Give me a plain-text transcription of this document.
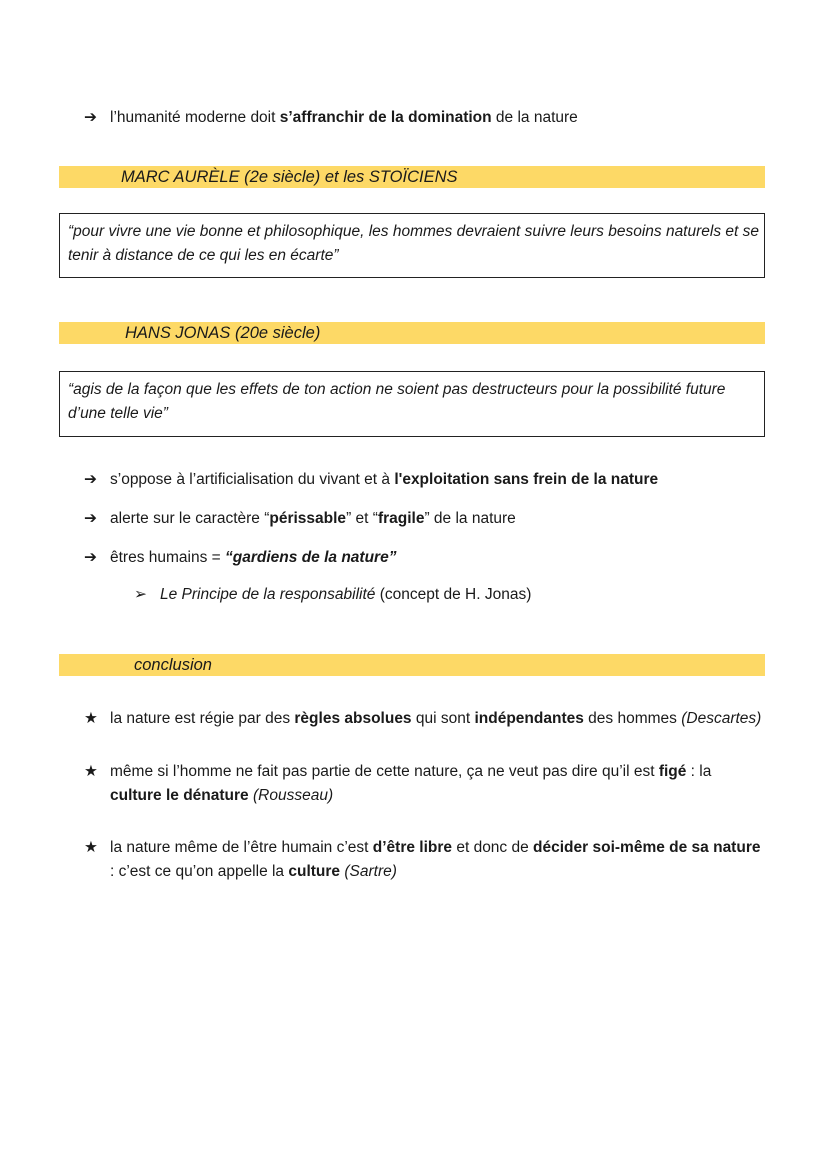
➔ l’humanité moderne doit s’affranchir de la domination de la nature
MARC AURÈLE (2e siècle) et les STOÏCIENS
“pour vivre une vie bonne et philosophique, les hommes devraient suivre leurs besoins naturels et se
tenir à distance de ce qui les en écarte”
HANS JONAS (20e siècle)
“agis de la façon que les effets de ton action ne soient pas destructeurs pour la possibilité future
d’une telle vie”
➔ s’oppose à l’artificialisation du vivant et à l'exploitation sans frein de la nature
➔ alerte sur le caractère “périssable” et “fragile” de la nature
➔ êtres humains = “gardiens de la nature”
➢ Le Principe de la responsabilité (concept de H. Jonas)
conclusion
★ la nature est régie par des règles absolues qui sont indépendantes des hommes (Descartes)
★ même si l’homme ne fait pas partie de cette nature, ça ne veut pas dire qu’il est figé : la
culture le dénature (Rousseau)
★ la nature même de l’être humain c’est d’être libre et donc de décider soi-même de sa nature
: c’est ce qu’on appelle la culture (Sartre)
